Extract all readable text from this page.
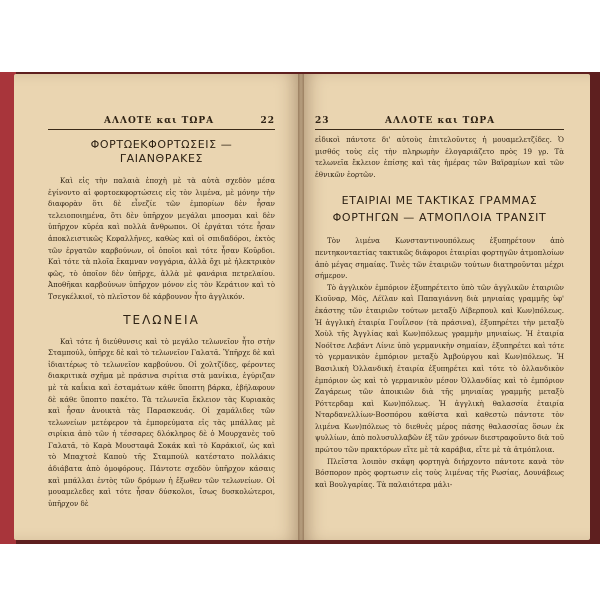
ΑΛΛΟΤΕ και ΤΩΡΑ	22
ΦΟΡΤΩΕΚΦΟΡΤΩΣΕΙΣ — ΓΑΙΑΝΘΡΑΚΕΣ

Καὶ εἰς τὴν παλαιὰ ἐποχὴ μὲ τὰ αὐτὰ σχεδὸν μέσα ἐγίνοντο αἱ φορτοεκφορτώσεις εἰς τὸν λιμένα, μὲ μόνην τὴν διαφορὰν ὅτι δὲ εἶνεζίε τῶν ἐμπορίων δὲν ἦσαν τελειοποιημένα, ὅτι δὲν ὑπῆρχον μεγάλαι μποσμαι καὶ δὲν ὑπῆρχον κῦρέα καὶ πολλὰ ἄνθρωποι. Οἱ ἐργάται τότε ἦσαν ἀποκλειστικῶς Κεφαλλῆνες, καθὼς καὶ οἱ σπιδαδόροι, ἐκτὸς τῶν ἐργατῶν καρβούνων, οἱ ὁποῖοι καὶ τότε ἦσαν Κοῦρδοι. Καὶ τότε τὰ πλοῖα ἔκαμναν νογγάρια, ἀλλὰ ὄχι μὲ ἠλεκτρικὸν φῶς, τὸ ὁποῖον δὲν ὑπῆρχε, ἀλλὰ μὲ φανάρια πετρελαίου. Ἀποθῆκαι καρβούνων ὑπῆρχον μόνον εἰς τὸν Κεράτιον καὶ τὸ Τσεγκέλκιοϊ, τὸ πλεῖστον δὲ κάρβουνον ἦτο ἀγγλικόν.

ΤΕΛΩΝΕΙΑ

Καὶ τότε ἡ διεύθυνσις καὶ τὸ μεγάλο τελωνεῖον ἦτο στὴν Σταμπούλ, ὑπῆρχε δὲ καὶ τὸ τελωνεῖον Γαλατᾶ. Ὑπῆρχε δὲ καὶ ἰδιαιτέρως τὸ τελωνεῖον καρβούνου. Οἱ χολτζίδες, φέροντες διακριτικὰ σχῆμα μὲ πράσινα σιρίτια στὰ μανίκια, ἐγύριζαν μὲ τὰ καΐκια καὶ ἐσταμάτων κάθε ὕποπτη βάρκα, ἐβήλαφουν δὲ κάθε ὕποπτο πακέτο. Τὰ τελωνεῖα ἔκλειον τὰς Κυριακὰς καὶ ἦσαν ἀνοικτὰ τὰς Παρασκευάς. Οἱ χαμάλιδες τῶν τελωνείων μετέφερον τὰ ἐμπορεύματα εἰς τὰς μπάλλας μὲ σιρίκια ἀπὸ τῶν ἡ τέσσαρες δλόκληρος δὲ ὁ Μουρχανὲς τοῦ Γαλατᾶ, τὸ Καρὰ Μουσταφᾶ Σοκάκ καὶ τὸ Καράκιοϊ, ὡς καὶ τὸ Μπαχτσὲ Καποὺ τῆς Σταμπούλ κατέστατο πολλάκις ἀδιάβατα ἀπὸ ὁμοφόρους. Πάντοτε σχεδὸν ὑπῆρχον κάσαις καὶ μπάλλαι ἐντὸς τῶν δρόμων ἡ ἔξωθεν τῶν τελωνείων. Οἱ μουαμελεδες καὶ τότε ἦσαν δύσκολοι, ἴσως δυσκολώτεροι, ὑπῆρχον δὲ

23	ΑΛΛΟΤΕ και ΤΩΡΑ

εἰδικοὶ πάντοτε δι' αὐτοὺς ἐπιτελοῦντες ἡ μουαμελετζίδες. Ὁ μισθός τοὺς εἰς τὴν πληρωμὴν ἐλογαριάζετο πρὸς 19 γρ. Τὰ τελωνεῖα ἔκλειον ἐπίσης καὶ τὰς ἡμέρας τῶν Βαϊραμίων καὶ τῶν ἐθνικῶν ἑορτῶν.

ΕΤΑΙΡΙΑΙ ΜΕ ΤΑΚΤΙΚΑΣ ΓΡΑΜΜΑΣ ΦΟΡΤΗΓΩΝ — ΑΤΜΟΠΛΟΙΑ ΤΡΑΝΣΙΤ

Τὸν λιμένα Κωνσταντινουπόλεως ἐξυπηρέτουν ἀπὸ πεντηκονταετίας τακτικῶς διάφοροι ἑταιρίαι φορτηγῶν ἀτμοπλοίων ἀπὸ μέγας σημαίας. Τινὲς τῶν ἑταιριῶν τούτων διατηροῦνται μέχρι σήμερον.

Τὸ ἀγγλικὸν ἐμπόριον ἐξυπηρέτειτο ὑπὸ τῶν ἀγγλικῶν ἑταιριῶν Κιοῦναρ, Μὸς, Λέϊλαν καὶ Παπαγιάννη διὰ μηνιαίας γραμμῆς ὑφ' ἑκάστης τῶν ἑταιριῶν τούτων μεταξὺ Λίβερπουλ καὶ Κων)πόλεως. Ἡ ἀγγλικὴ ἑταιρία Γουΐλσον (τὰ πράσινα), ἐξυπηρέτει τὴν μεταξὺ Χοὺλ τῆς Ἀγγλίας καὶ Κων)πόλεως γραμμὴν μηνιαίως. Ἡ ἑταιρία Νοόϊτσε Λεβάντ Λίνιε ὑπὸ γερμανικὴν σημαίαν, ἐξυπηρέτει καὶ τότε τὸ γερμανικὸν ἐμπόριον μεταξὺ Ἀμβούργου καὶ Κων)πόλεως. Ἡ Βασιλικὴ Ὀλλανδικὴ ἑταιρία ἐξυπηρέτει καὶ τότε τὸ ὀλλανδικὸν ἐμπόριον ὡς καὶ τὸ γερμανικὸν μέσον Ὀλλανδίας καὶ τὸ ἐμπόριον Ζαγάρεως τῶν ἀποικιῶν διὰ τῆς μηνιαίας γραμμῆς μεταξὺ Ρόττερδαμ καὶ Κων)πόλεως. Ἡ ἀγγλικὴ θαλασσία ἐταιρία Νταρδανελλίων-Βοσπόρου καθίστα καὶ καθεστὼ πάντοτε τὸν λιμένα Κων)πόλεως τὸ διεθνὲς μέρος πάσης θαλασσίας ὅσων ἐκ ψυλλίων, ἀπὸ πολυσυλλαβῶν ἐξ τῶν χρόνων διεστραφοῦντο διὰ τοῦ πρώτου τῶν πρακτόρων εἴτε μὲ τὰ καράβια, εἴτε μὲ τὰ ἀτμόπλοια.

Πλεῖστα λοιπὸν σκάφη φορτηγὰ διήρχοντο πάντοτε κανὰ τὸν Βόσπορον πρὸς φορτωσιν εἰς τοὺς λιμένας τῆς Ρωσίας, Δουνάβεως καὶ Βουλγαρίας. Τὰ παλαιότερα μάλι-
